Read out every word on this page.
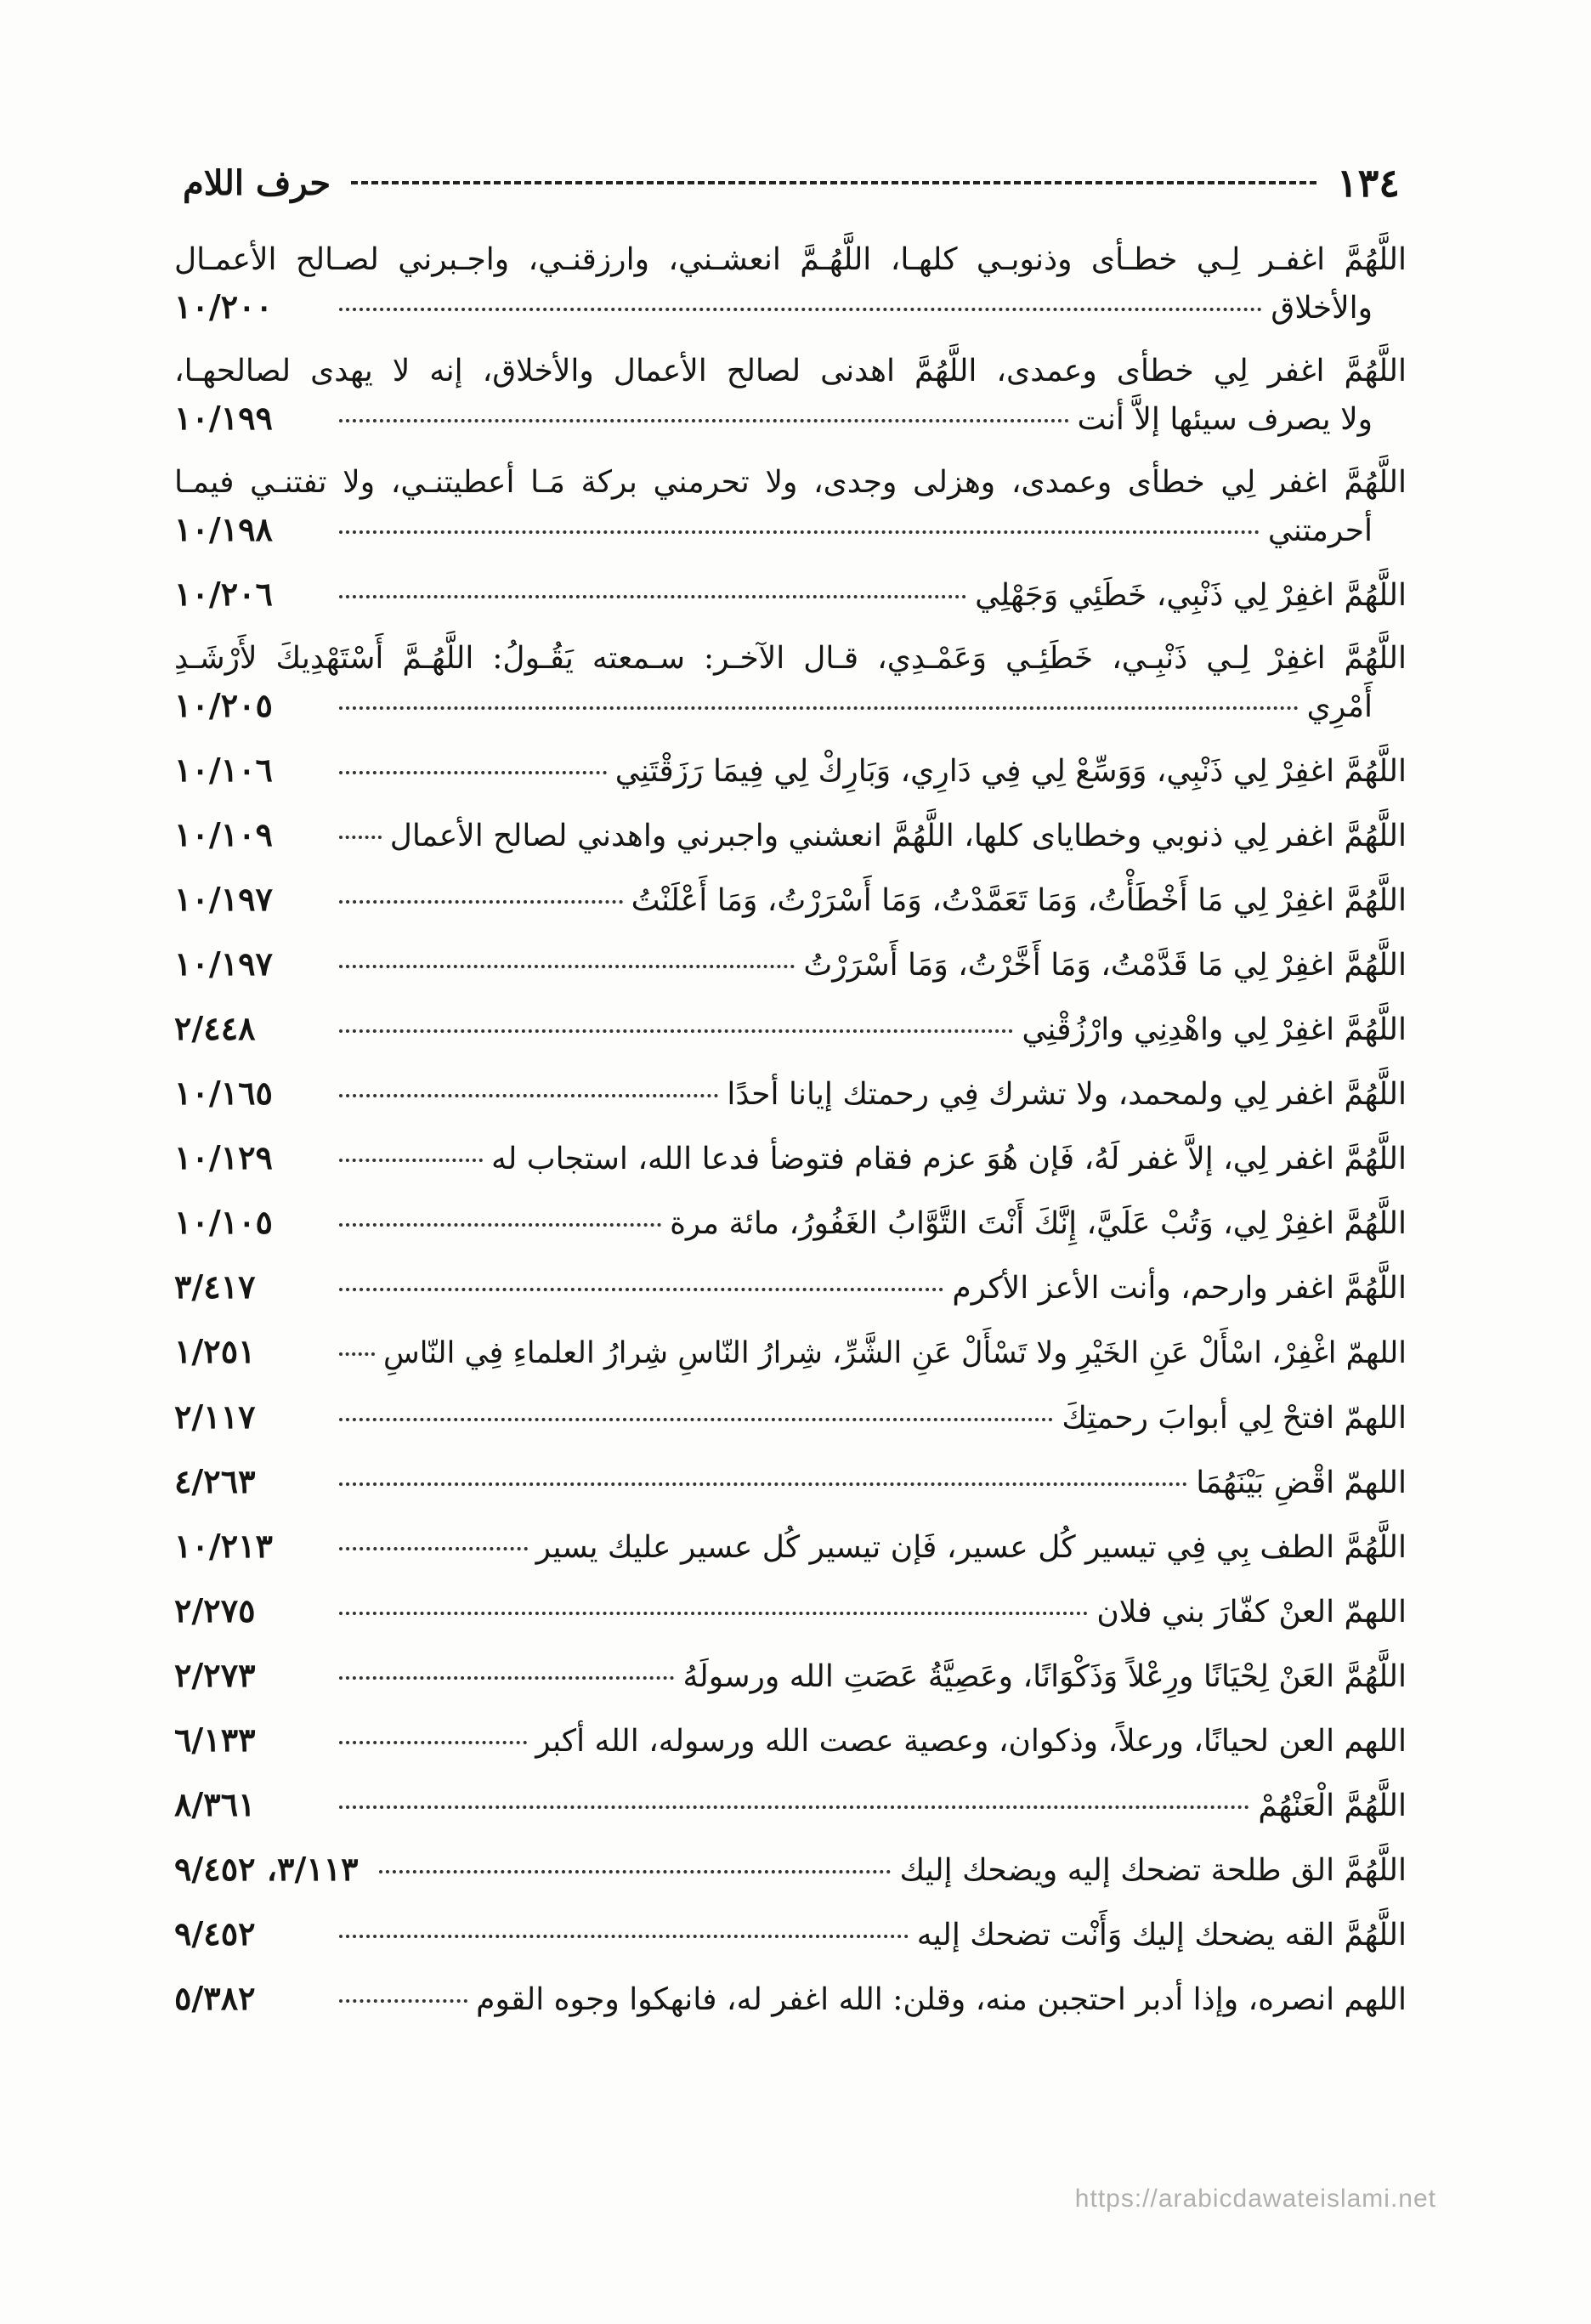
١٣٤
حرف اللام
اللَّهُمَّ اغفـر لِـي خطـأى وذنوبـي كلهـا، اللَّهُـمَّ انعشـني، وارزقنـي، واجـبرني لصـالح الأعمـال
والأخلاق
١٠/٢٠٠
اللَّهُمَّ اغفر لِي خطأى وعمدى، اللَّهُمَّ اهدنى لصالح الأعمال والأخلاق، إنه لا يهدى لصالحهـا،
ولا يصرف سيئها إلاَّ أنت
١٠/١٩٩
اللَّهُمَّ اغفر لِي خطأى وعمدى، وهزلى وجدى، ولا تحرمني بركة مَـا أعطيتنـي، ولا تفتنـي فيمـا
أحرمتني
١٠/١٩٨
اللَّهُمَّ اغفِرْ لِي ذَنْبِي، خَطَئِي وَجَهْلِي
١٠/٢٠٦
اللَّهُمَّ اغفِرْ لِـي ذَنْبِـي، خَطَئِـي وَعَمْـدِي، قـال الآخـر: سـمعته يَقُـولُ: اللَّهُـمَّ أَسْتَهْدِيكَ لأَرْشَـدِ
أَمْرِي
١٠/٢٠٥
اللَّهُمَّ اغفِرْ لِي ذَنْبِي، وَوَسِّعْ لِي فِي دَارِي، وَبَارِكْ لِي فِيمَا رَزَقْتَنِي
١٠/١٠٦
اللَّهُمَّ اغفر لِي ذنوبي وخطاياى كلها، اللَّهُمَّ انعشني واجبرني واهدني لصالح الأعمال
١٠/١٠٩
اللَّهُمَّ اغفِرْ لِي مَا أَخْطَأْتُ، وَمَا تَعَمَّدْتُ، وَمَا أَسْرَرْتُ، وَمَا أَعْلَنْتُ
١٠/١٩٧
اللَّهُمَّ اغفِرْ لِي مَا قَدَّمْتُ، وَمَا أَخَّرْتُ، وَمَا أَسْرَرْتُ
١٠/١٩٧
اللَّهُمَّ اغفِرْ لِي واهْدِنِي وارْزُقْنِي
٢/٤٤٨
اللَّهُمَّ اغفر لِي ولمحمد، ولا تشرك فِي رحمتك إيانا أحدًا
١٠/١٦٥
اللَّهُمَّ اغفر لِي، إلاَّ غفر لَهُ، فَإن هُوَ عزم فقام فتوضأ فدعا الله، استجاب له
١٠/١٢٩
اللَّهُمَّ اغفِرْ لِي، وَتُبْ عَلَيَّ، إِنَّكَ أَنْتَ التَّوَّابُ الغَفُورُ، مائة مرة
١٠/١٠٥
اللَّهُمَّ اغفر وارحم، وأنت الأعز الأكرم
٣/٤١٧
اللهمّ اغْفِرْ، اسْأَلْ عَنِ الخَيْرِ ولا تَسْأَلْ عَنِ الشَّرِّ، شِرارُ النّاسِ شِرارُ العلماءِ فِي النّاسِ
١/٢٥١
اللهمّ افتحْ لِي أبوابَ رحمتِكَ
٢/١١٧
اللهمّ اقْضِ بَيْنَهُمَا
٤/٢٦٣
اللَّهُمَّ الطف بِي فِي تيسير كُل عسير، فَإن تيسير كُل عسير عليك يسير
١٠/٢١٣
اللهمّ العنْ كفّارَ بني فلان
٢/٢٧٥
اللَّهُمَّ العَنْ لِحْيَانًا ورِعْلاً وَذَكْوَانًا، وعَصِيَّةُ عَصَتِ الله ورسولَهُ
٢/٢٧٣
اللهم العن لحيانًا، ورعلاً، وذكوان، وعصية عصت الله ورسوله، الله أكبر
٦/١٣٣
اللَّهُمَّ الْعَنْهُمْ
٨/٣٦١
اللَّهُمَّ الق طلحة تضحك إليه ويضحك إليك
٣/١١٣، ٩/٤٥٢
اللَّهُمَّ القه يضحك إليك وَأَنْت تضحك إليه
٩/٤٥٢
اللهم انصره، وإذا أدبر احتجبن منه، وقلن: الله اغفر له، فانهكوا وجوه القوم
٥/٣٨٢
https://arabicdawateislami.net
